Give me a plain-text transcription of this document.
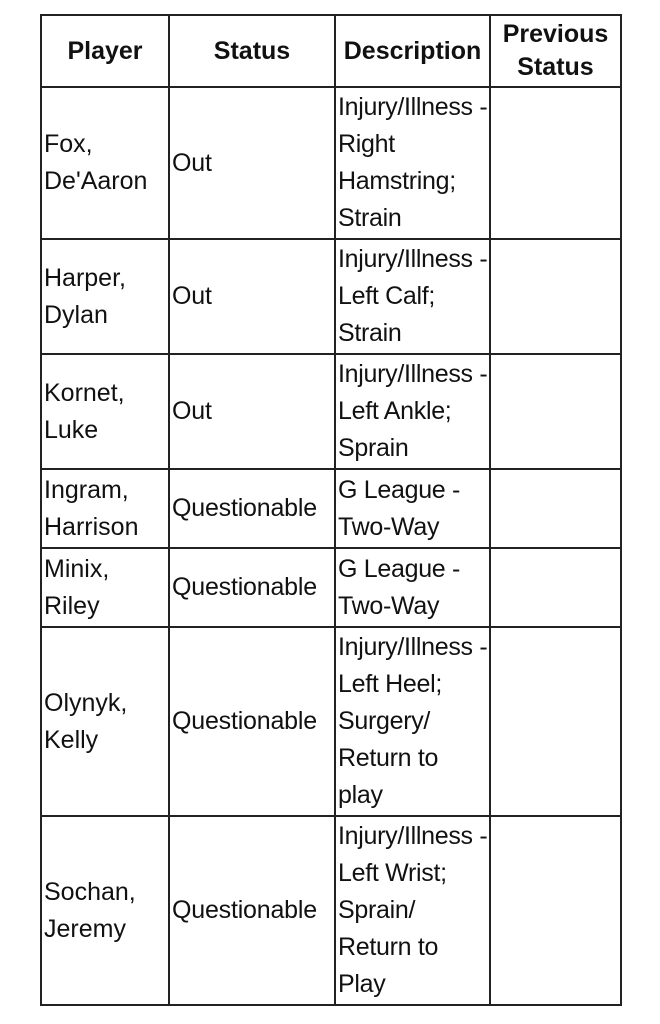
Player	Status	Description	Previous Status
Fox, De'Aaron	Out	Injury/Illness - Right Hamstring; Strain	
Harper, Dylan	Out	Injury/Illness - Left Calf; Strain	
Kornet, Luke	Out	Injury/Illness - Left Ankle; Sprain	
Ingram, Harrison	Questionable	G League - Two-Way	
Minix, Riley	Questionable	G League - Two-Way	
Olynyk, Kelly	Questionable	Injury/Illness - Left Heel; Surgery/ Return to play	
Sochan, Jeremy	Questionable	Injury/Illness - Left Wrist; Sprain/ Return to Play	
